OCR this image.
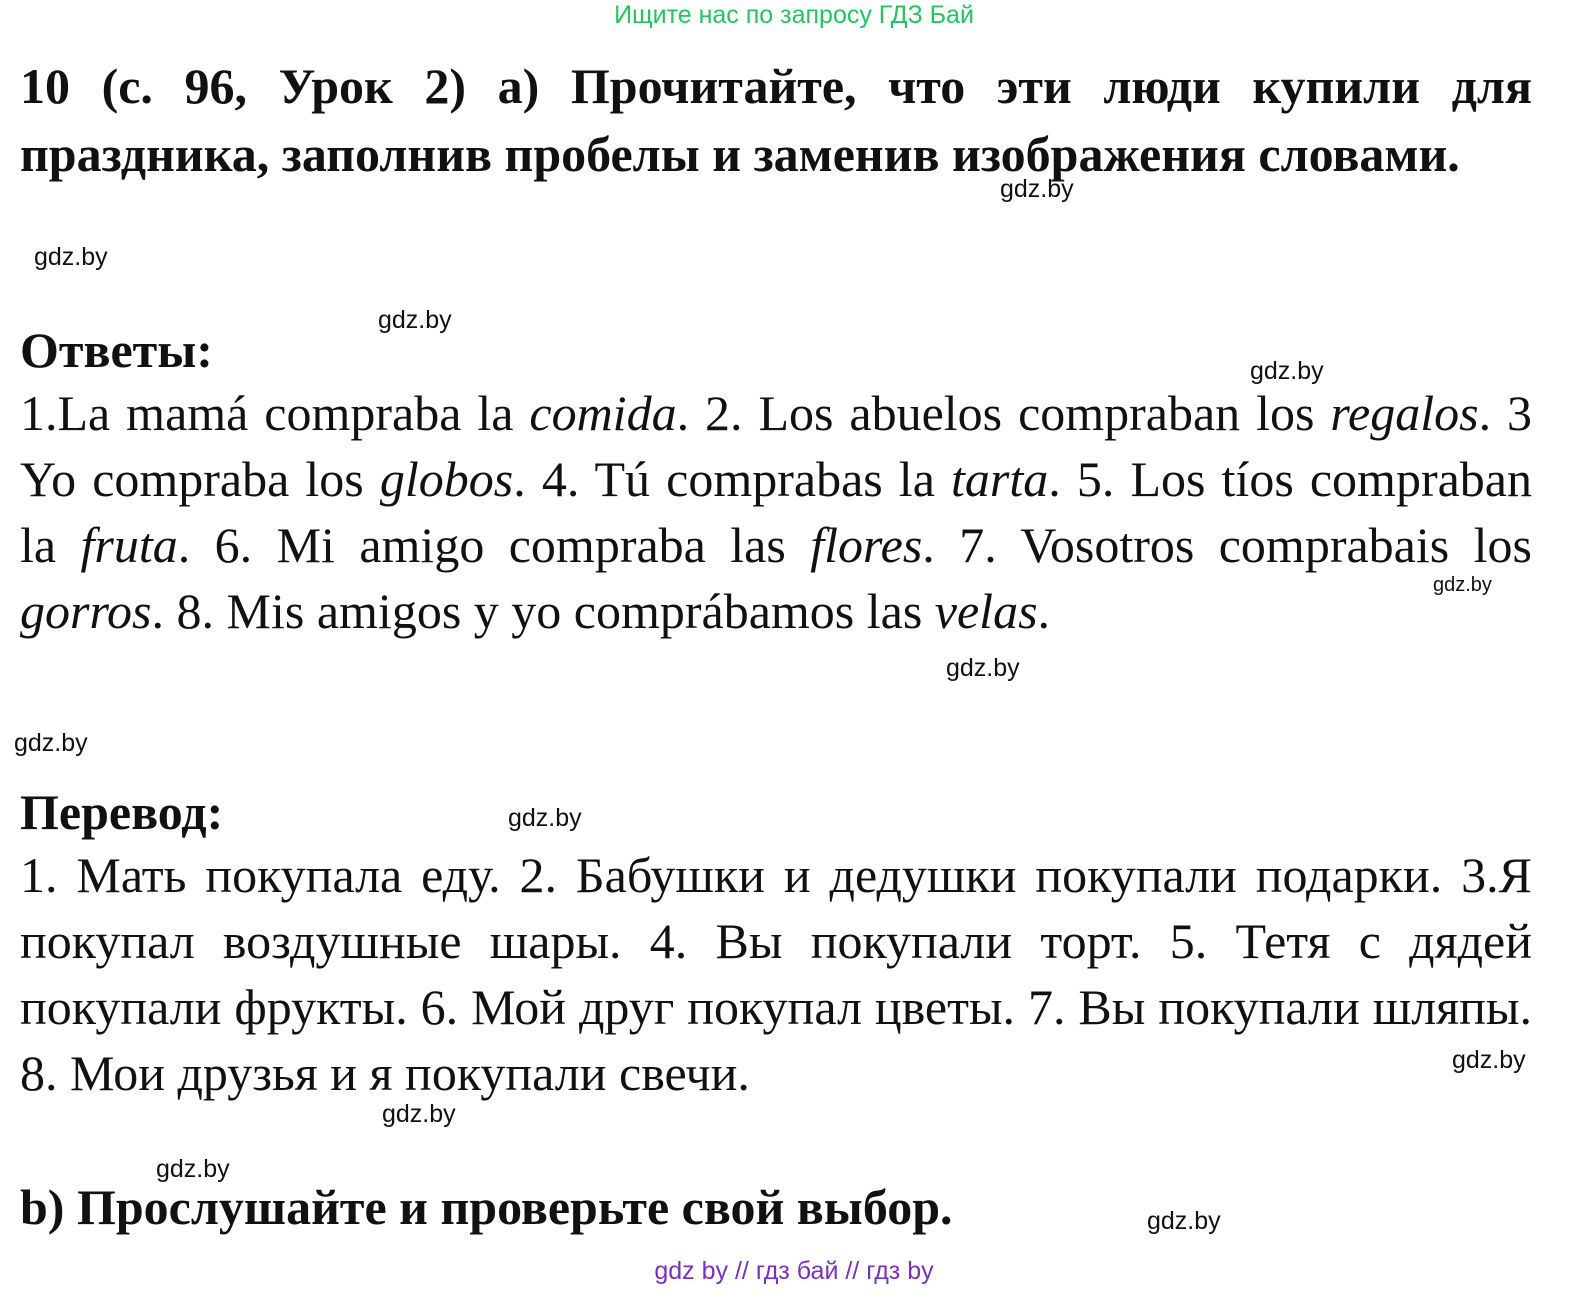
Ищите нас по запросу ГДЗ Бай

10 (с. 96, Урок 2) а) Прочитайте, что эти люди купили для праздника, заполнив пробелы и заменив изображения словами.

Ответы:

1.La mamá compraba la comida. 2. Los abuelos compraban los regalos. 3 Yo compraba los globos. 4. Tú comprabas la tarta. 5. Los tíos compraban la fruta. 6. Mi amigo compraba las flores. 7. Vosotros comprabais los gorros. 8. Mis amigos y yo comprábamos las velas.

Перевод:

1. Мать покупала еду. 2. Бабушки и дедушки покупали подарки. 3.Я покупал воздушные шары. 4. Вы покупали торт. 5. Тетя с дядей покупали фрукты. 6. Мой друг покупал цветы. 7. Вы покупали шляпы. 8. Мои друзья и я покупали свечи.

b) Прослушайте и проверьте свой выбор.

gdz.by
gdz.by
gdz.by
gdz.by
gdz.by
gdz.by
gdz.by
gdz.by
gdz.by
gdz.by
gdz.by
gdz.by
gdz by // гдз бай // гдз by
